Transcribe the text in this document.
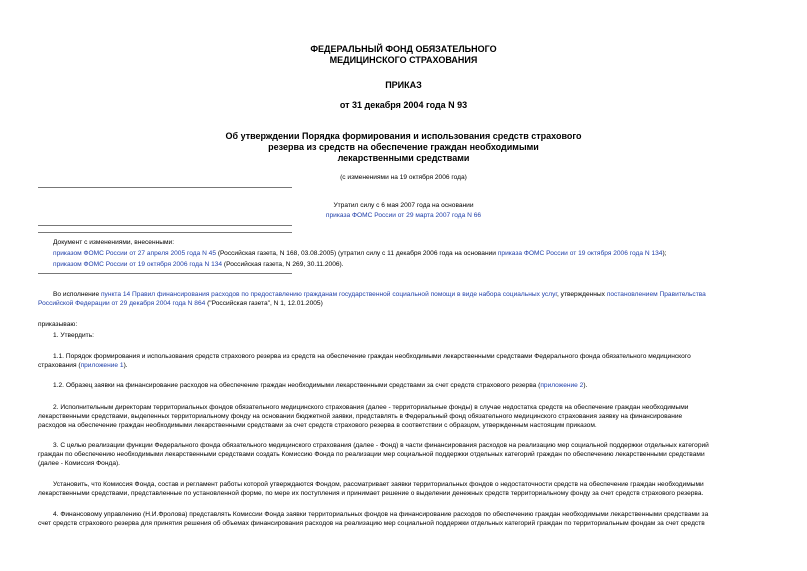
ФЕДЕРАЛЬНЫЙ ФОНД ОБЯЗАТЕЛЬНОГО
МЕДИЦИНСКОГО СТРАХОВАНИЯ
ПРИКАЗ
от 31 декабря 2004 года N 93
Об утверждении Порядка формирования и использования средств страхового
резерва из средств на обеспечение граждан необходимыми
лекарственными средствами
(с изменениями на 19 октября 2006 года)
Утратил силу с 6 мая 2007 года на основании
приказа ФОМС России от 29 марта 2007 года N 66
Документ с изменениями, внесенными:
приказом ФОМС России от 27 апреля 2005 года N 45 (Российская газета, N 168, 03.08.2005) (утратил силу с 11 декабря 2006 года на основании приказа ФОМС России от 19 октября 2006 года N 134);
приказом ФОМС России от 19 октября 2006 года N 134 (Российская газета, N 269, 30.11.2006).
Во исполнение пункта 14 Правил финансирования расходов по предоставлению гражданам государственной социальной помощи в виде набора социальных услуг, утвержденных постановлением Правительства
Российской Федерации от 29 декабря 2004 года N 864 ("Российская газета", N 1, 12.01.2005)
приказываю:
1. Утвердить:
1.1. Порядок формирования и использования средств страхового резерва из средств на обеспечение граждан необходимыми лекарственными средствами Федерального фонда обязательного медицинского
страхования (приложение 1).
1.2. Образец заявки на финансирование расходов на обеспечение граждан необходимыми лекарственными средствами за счет средств страхового резерва (приложение 2).
2. Исполнительным директорам территориальных фондов обязательного медицинского страхования (далее - территориальные фонды) в случае недостатка средств на обеспечение граждан необходимыми
лекарственными средствами, выделенных территориальному фонду на основании бюджетной заявки, представлять в Федеральный фонд обязательного медицинского страхования заявку на финансирование
расходов на обеспечение граждан необходимыми лекарственными средствами за счет средств страхового резерва в соответствии с образцом, утвержденным настоящим приказом.
3. С целью реализации функции Федерального фонда обязательного медицинского страхования (далее - Фонд) в части финансирования расходов на реализацию мер социальной поддержки отдельных категорий
граждан по обеспечению необходимыми лекарственными средствами создать Комиссию Фонда по реализации мер социальной поддержки отдельных категорий граждан по обеспечению лекарственными средствами
(далее - Комиссия Фонда).
Установить, что Комиссия Фонда, состав и регламент работы которой утверждаются Фондом, рассматривает заявки территориальных фондов о недостаточности средств на обеспечение граждан необходимыми
лекарственными средствами, представленные по установленной форме, по мере их поступления и принимает решение о выделении денежных средств территориальному фонду за счет средств страхового резерва.
4. Финансовому управлению (Н.И.Фролова) представлять Комиссии Фонда заявки территориальных фондов на финансирование расходов по обеспечению граждан необходимыми лекарственными средствами за
счет средств страхового резерва для принятия решения об объемах финансирования расходов на реализацию мер социальной поддержки отдельных категорий граждан по территориальным фондам за счет средств
